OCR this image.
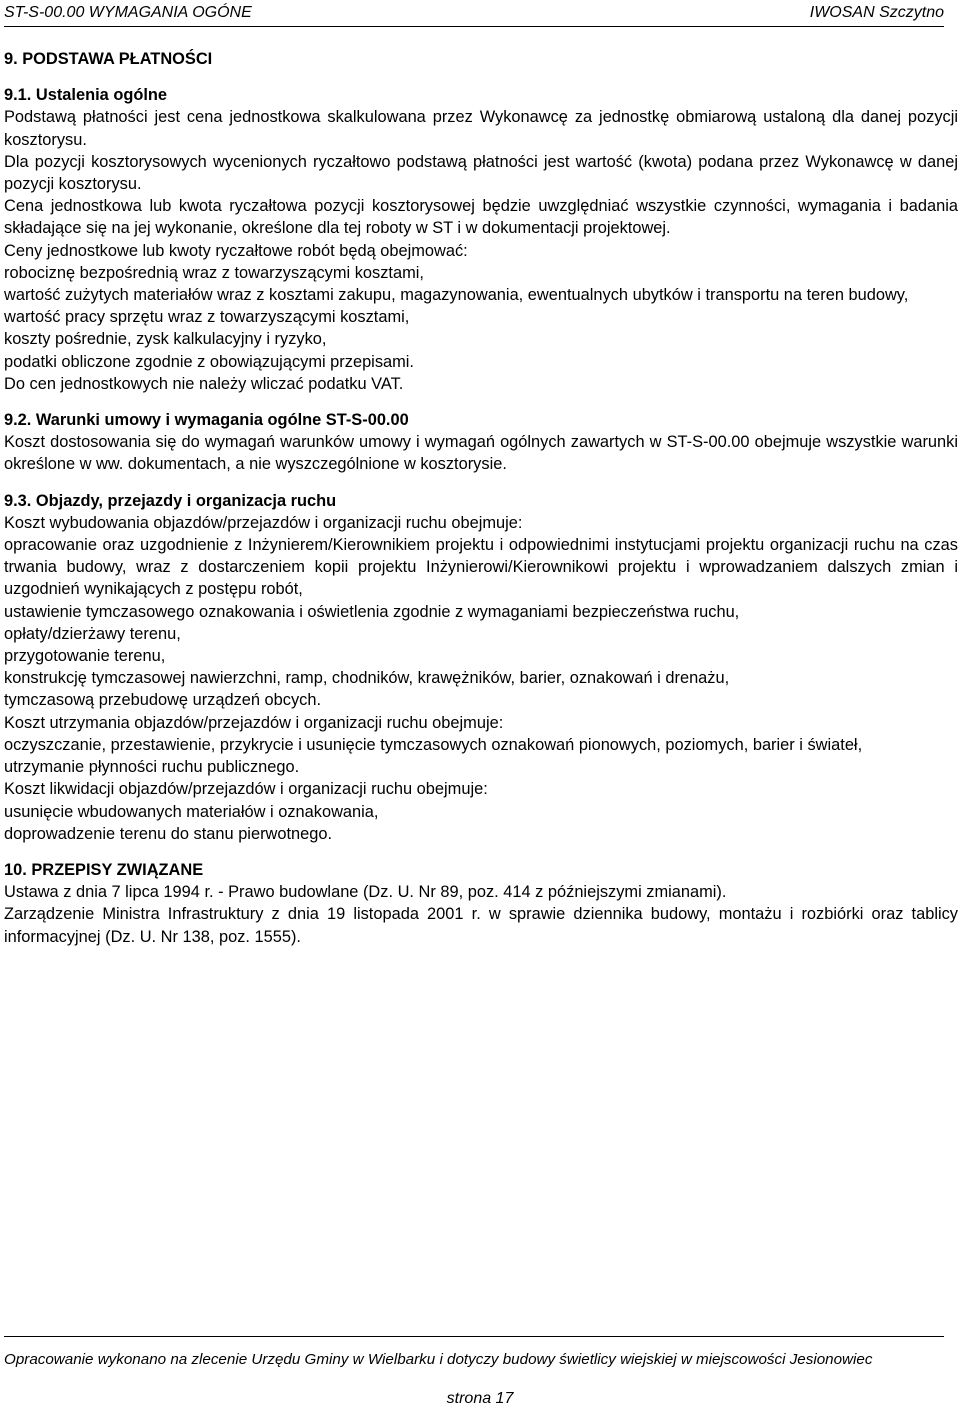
ST-S-00.00 WYMAGANIA OGÓNE	IWOSAN Szczytno

9. PODSTAWA PŁATNOŚCI

9.1. Ustalenia ogólne

Podstawą płatności jest cena jednostkowa skalkulowana przez Wykonawcę za jednostkę obmiarową ustaloną dla danej pozycji kosztorysu.

Dla pozycji kosztorysowych wycenionych ryczałtowo podstawą płatności jest wartość (kwota) podana przez Wykonawcę w danej pozycji kosztorysu.

Cena jednostkowa lub kwota ryczałtowa pozycji kosztorysowej będzie uwzględniać wszystkie czynności, wymagania i badania składające się na jej wykonanie, określone dla tej roboty w ST i w dokumentacji projektowej.

Ceny jednostkowe lub kwoty ryczałtowe robót będą obejmować:

robociznę bezpośrednią wraz z towarzyszącymi kosztami,

wartość zużytych materiałów wraz z kosztami zakupu, magazynowania, ewentualnych ubytków i transportu na teren budowy,

wartość pracy sprzętu wraz z towarzyszącymi kosztami,

koszty pośrednie, zysk kalkulacyjny i ryzyko,

podatki obliczone zgodnie z obowiązującymi przepisami.

Do cen jednostkowych nie należy wliczać podatku VAT.

9.2. Warunki umowy i wymagania ogólne ST-S-00.00

Koszt dostosowania się do wymagań warunków umowy i wymagań ogólnych zawartych w ST-S-00.00 obejmuje wszystkie warunki określone w ww. dokumentach, a nie wyszczególnione w kosztorysie.

9.3. Objazdy, przejazdy i organizacja ruchu

Koszt wybudowania objazdów/przejazdów i organizacji ruchu obejmuje:

opracowanie oraz uzgodnienie z Inżynierem/Kierownikiem projektu i odpowiednimi instytucjami projektu organizacji ruchu na czas trwania budowy, wraz z dostarczeniem kopii projektu Inżynierowi/Kierownikowi projektu i wprowadzaniem dalszych zmian i uzgodnień wynikających z postępu robót,

ustawienie tymczasowego oznakowania i oświetlenia zgodnie z wymaganiami bezpieczeństwa ruchu,

opłaty/dzierżawy terenu,

przygotowanie terenu,

konstrukcję tymczasowej nawierzchni, ramp, chodników, krawężników, barier, oznakowań i drenażu,

tymczasową przebudowę urządzeń obcych.

Koszt utrzymania objazdów/przejazdów i organizacji ruchu obejmuje:

oczyszczanie, przestawienie, przykrycie i usunięcie tymczasowych oznakowań pionowych, poziomych, barier i świateł,

utrzymanie płynności ruchu publicznego.

Koszt likwidacji objazdów/przejazdów i organizacji ruchu obejmuje:

usunięcie wbudowanych materiałów i oznakowania,

doprowadzenie terenu do stanu pierwotnego.

10. PRZEPISY ZWIĄZANE

Ustawa z dnia 7 lipca 1994 r. - Prawo budowlane (Dz. U. Nr 89, poz. 414 z późniejszymi zmianami).

Zarządzenie Ministra Infrastruktury z dnia 19 listopada 2001 r. w sprawie dziennika budowy, montażu i rozbiórki oraz tablicy informacyjnej (Dz. U. Nr 138, poz. 1555).

Opracowanie wykonano na zlecenie Urzędu Gminy w Wielbarku i dotyczy budowy świetlicy wiejskiej w miejscowości Jesionowiec
strona 17
